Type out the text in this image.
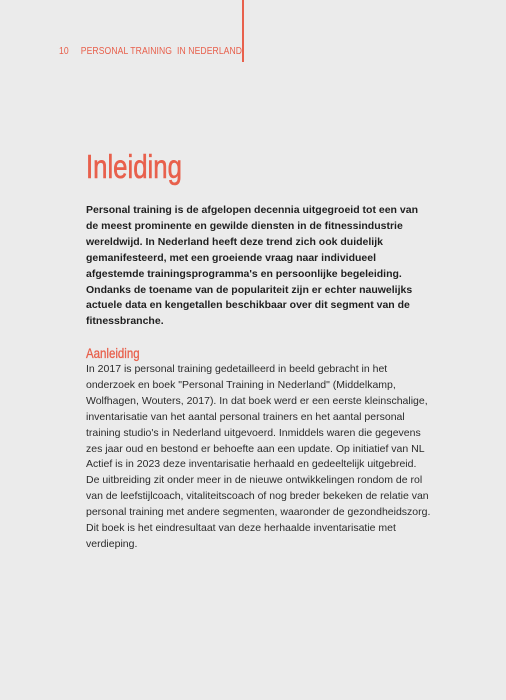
10 PERSONAL TRAINING  IN NEDERLAND
Inleiding

Personal training is de afgelopen decennia uitgegroeid tot een van de meest prominente en gewilde diensten in de fitnessindustrie wereldwijd. In Nederland heeft deze trend zich ook duidelijk gemanifesteerd, met een groeiende vraag naar individueel afgestemde trainingsprogramma's en persoonlijke begeleiding. Ondanks de toename van de populariteit zijn er echter nauwelijks actuele data en kengetallen beschikbaar over dit segment van de fitnessbranche.

Aanleiding

In 2017 is personal training gedetailleerd in beeld gebracht in het onderzoek en boek "Personal Training in Nederland" (Middelkamp, Wolfhagen, Wouters, 2017). In dat boek werd er een eerste kleinschalige, inventarisatie van het aantal personal trainers en het aantal personal training studio's in Nederland uitgevoerd. Inmiddels waren die gegevens zes jaar oud en bestond er behoefte aan een update. Op initiatief van NL Actief is in 2023 deze inventarisatie herhaald en gedeeltelijk uitgebreid. De uitbreiding zit onder meer in de nieuwe ontwikkelingen rondom de rol van de leefstijlcoach, vitaliteitscoach of nog breder bekeken de relatie van personal training met andere segmenten, waaronder de gezondheidszorg. Dit boek is het eindresultaat van deze herhaalde inventarisatie met verdieping.
